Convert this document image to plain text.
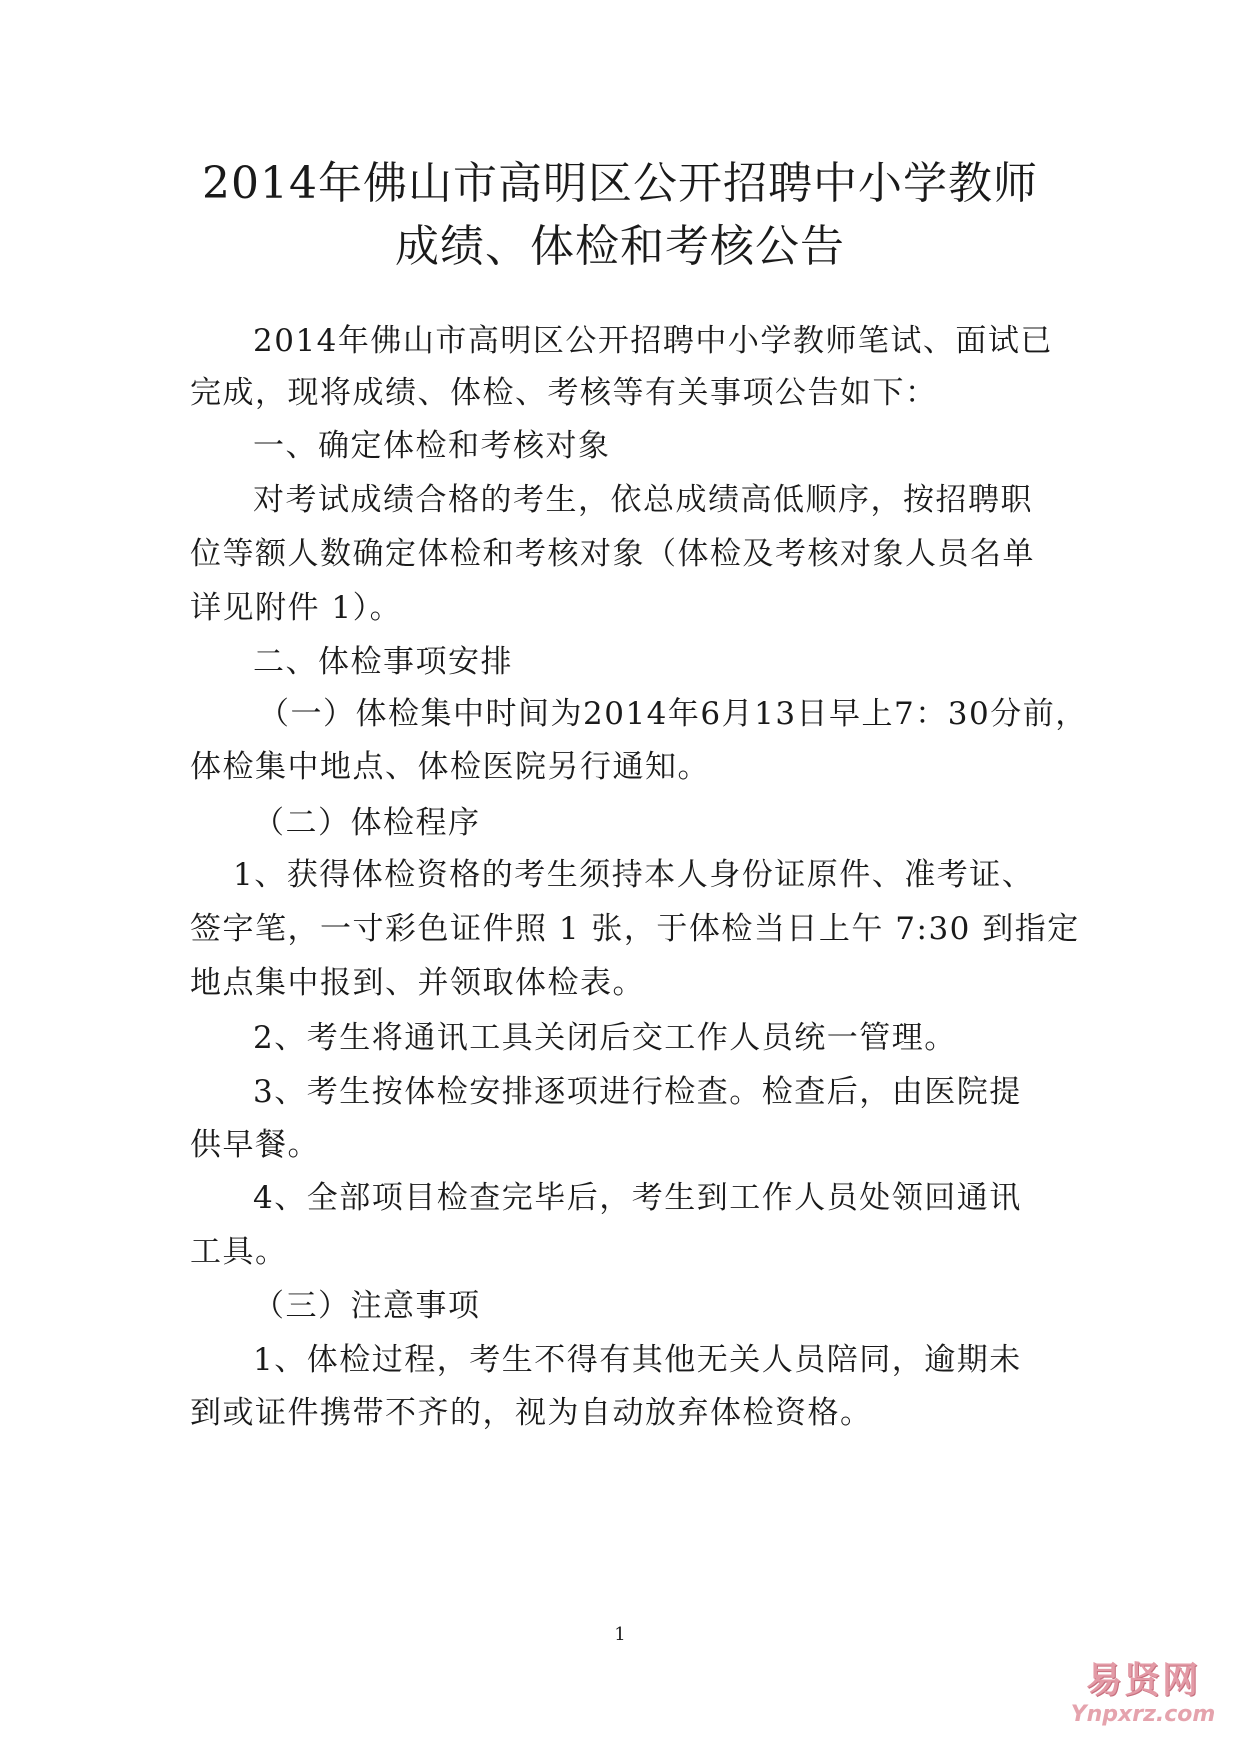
2014年佛山市高明区公开招聘中小学教师
成绩、体检和考核公告
2014年佛山市高明区公开招聘中小学教师笔试、面试已
完成，现将成绩、体检、考核等有关事项公告如下：
一、确定体检和考核对象
对考试成绩合格的考生，依总成绩高低顺序，按招聘职
位等额人数确定体检和考核对象（体检及考核对象人员名单
详见附件 1）。
二、体检事项安排
（一）体检集中时间为2014年6月13日早上7：30分前，
体检集中地点、体检医院另行通知。
（二）体检程序
1、获得体检资格的考生须持本人身份证原件、准考证、
签字笔，一寸彩色证件照 1 张，于体检当日上午 7:30 到指定
地点集中报到、并领取体检表。
2、考生将通讯工具关闭后交工作人员统一管理。
3、考生按体检安排逐项进行检查。检查后，由医院提
供早餐。
4、全部项目检查完毕后，考生到工作人员处领回通讯
工具。
（三）注意事项
1、体检过程，考生不得有其他无关人员陪同，逾期未
到或证件携带不齐的，视为自动放弃体检资格。
1
易贤网
Ynpxrz.com
